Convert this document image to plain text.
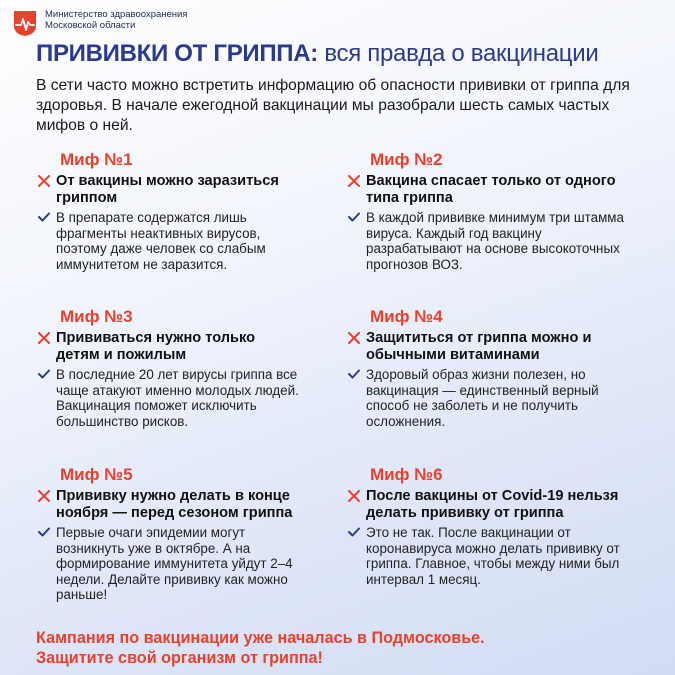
Министерство здравоохранения
Московской области
ПРИВИВКИ ОТ ГРИППА: вся правда о вакцинации
В сети часто можно встретить информацию об опасности прививки от гриппа для здоровья. В начале ежегодной вакцинации мы разобрали шесть самых частых мифов о ней.
Миф №1
От вакцины можно заразиться гриппом
В препарате содержатся лишь фрагменты неактивных вирусов, поэтому даже человек со слабым иммунитетом не заразится.
Миф №2
Вакцина спасает только от одного типа гриппа
В каждой прививке минимум три штамма вируса. Каждый год вакцину разрабатывают на основе высокоточных прогнозов ВОЗ.
Миф №3
Прививаться нужно только детям и пожилым
В последние 20 лет вирусы гриппа все чаще атакуют именно молодых людей. Вакцинация поможет исключить большинство рисков.
Миф №4
Защититься от гриппа можно и обычными витаминами
Здоровый образ жизни полезен, но вакцинация — единственный верный способ не заболеть и не получить осложнения.
Миф №5
Прививку нужно делать в конце ноября — перед сезоном гриппа
Первые очаги эпидемии могут возникнуть уже в октябре. А на формирование иммунитета уйдут 2–4 недели. Делайте прививку как можно раньше!
Миф №6
После вакцины от Covid-19 нельзя делать прививку от гриппа
Это не так. После вакцинации от коронавируса можно делать прививку от гриппа. Главное, чтобы между ними был интервал 1 месяц.
Кампания по вакцинации уже началась в Подмосковье.
Защитите свой организм от гриппа!
